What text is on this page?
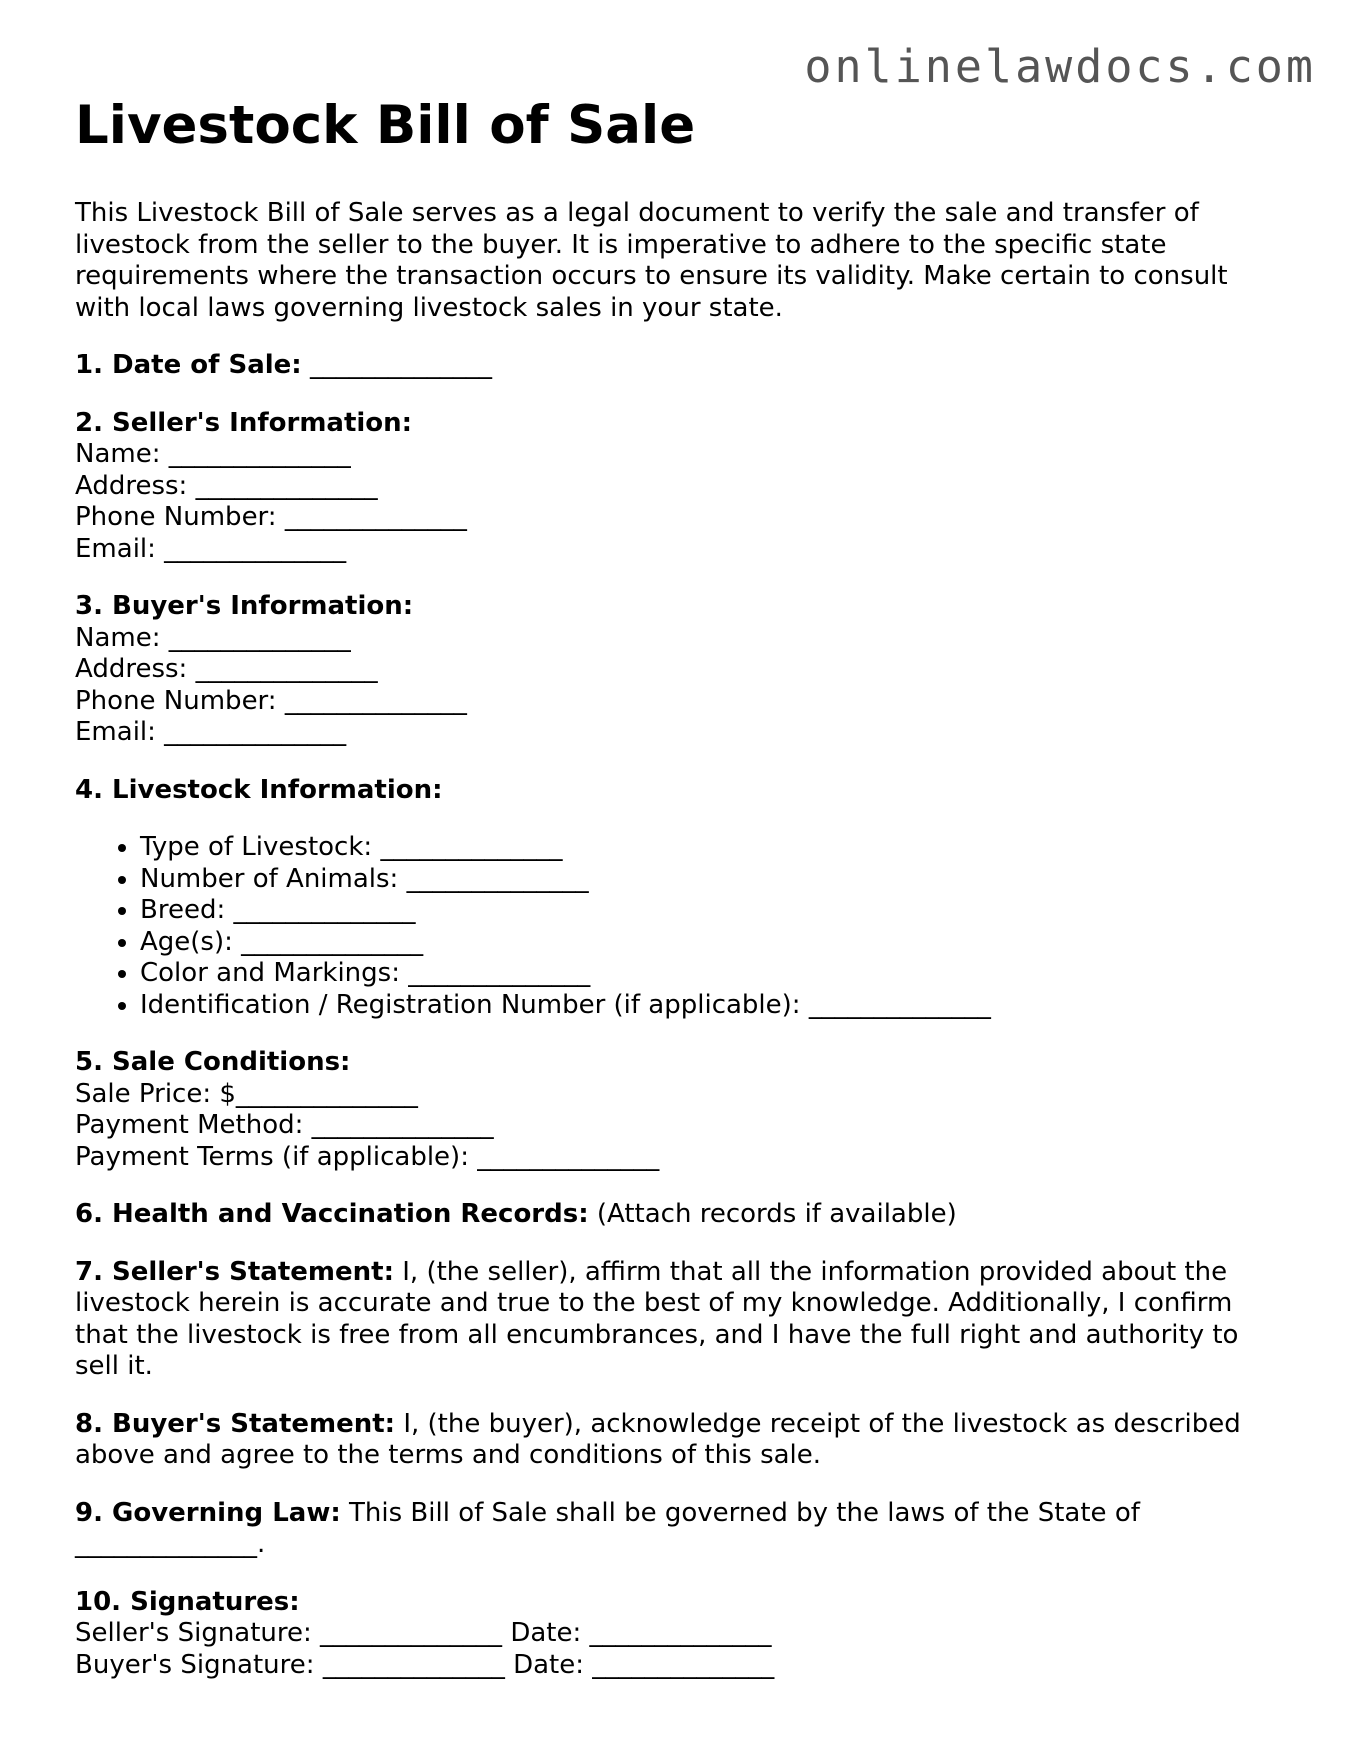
onlinelawdocs.com
Livestock Bill of Sale

This Livestock Bill of Sale serves as a legal document to verify the sale and transfer of livestock from the seller to the buyer. It is imperative to adhere to the specific state requirements where the transaction occurs to ensure its validity. Make certain to consult with local laws governing livestock sales in your state.

1. Date of Sale: ______________

2. Seller's Information:
Name: ______________
Address: ______________
Phone Number: ______________
Email: ______________

3. Buyer's Information:
Name: ______________
Address: ______________
Phone Number: ______________
Email: ______________

4. Livestock Information:
• Type of Livestock: ______________
• Number of Animals: ______________
• Breed: ______________
• Age(s): ______________
• Color and Markings: ______________
• Identification / Registration Number (if applicable): ______________

5. Sale Conditions:
Sale Price: $______________
Payment Method: ______________
Payment Terms (if applicable): ______________

6. Health and Vaccination Records: (Attach records if available)

7. Seller's Statement: I, (the seller), affirm that all the information provided about the livestock herein is accurate and true to the best of my knowledge. Additionally, I confirm that the livestock is free from all encumbrances, and I have the full right and authority to sell it.

8. Buyer's Statement: I, (the buyer), acknowledge receipt of the livestock as described above and agree to the terms and conditions of this sale.

9. Governing Law: This Bill of Sale shall be governed by the laws of the State of
______________.

10. Signatures:
Seller's Signature: ______________ Date: ______________
Buyer's Signature: ______________ Date: ______________
